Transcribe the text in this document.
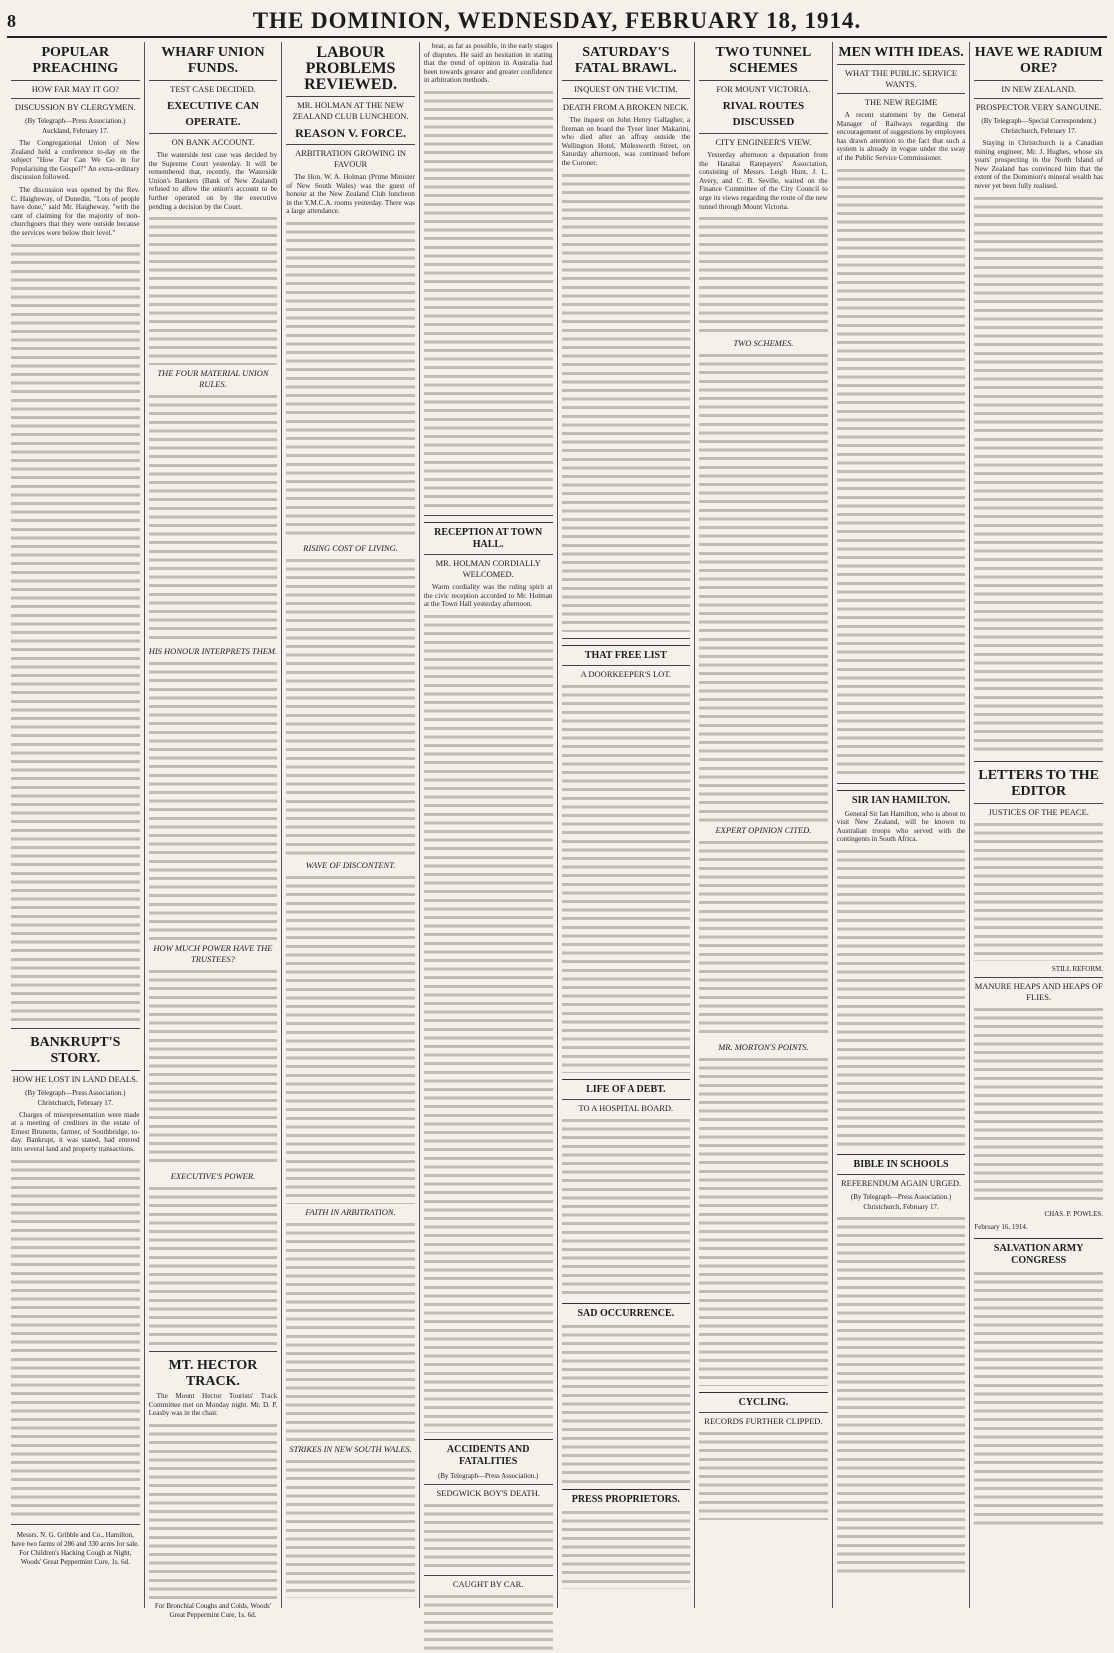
8	THE DOMINION, WEDNESDAY, FEBRUARY 18, 1914.
POPULAR PREACHING
HOW FAR MAY IT GO?
DISCUSSION BY CLERGYMEN.
(By Telegraph—Press Association.) Auckland, February 17.

The Congregational Union of New Zealand held a conference to-day on the subject "How Far Can We Go in for Popularising the Gospel?" An extra-ordinary discussion followed.

The discussion was opened by the Rev. C. Haigheway, of Dunedin. "Lots of people have done," said Mr. Haigheway, "with the cant of claiming for the majority of non-churchgoers that they were outside because the services were below their level."

BANKRUPT'S STORY.
HOW HE LOST IN LAND DEALS.
(By Telegraph—Press Association.) Christchurch, February 17.

Charges of misrepresentation were made at a meeting of creditors in the estate of Ernest Brunette, farmer, of Southbridge, to-day. Bankrupt, it was stated, had entered into several land and property transactions.

Messrs. N. G. Gribble and Co., Hamilton, have two farms of 286 and 330 acres for sale.
For Children's Hacking Cough at Night, Woods' Great Peppermint Cure, 1s. 6d.
WHARF UNION FUNDS.
TEST CASE DECIDED.
EXECUTIVE CAN OPERATE.
ON BANK ACCOUNT.

The waterside test case was decided by the Supreme Court yesterday. It will be remembered that, recently, the Waterside Union's Bankers (Bank of New Zealand) refused to allow the union's account to be further operated on by the executive pending a decision by the Court.

THE FOUR MATERIAL UNION RULES.
HIS HONOUR INTERPRETS THEM.
HOW MUCH POWER HAVE THE TRUSTEES?
EXECUTIVE'S POWER.
MT. HECTOR TRACK.

The Mount Hector Tourists' Track Committee met on Monday night. Mr. D. P. Leasby was in the chair.

For Bronchial Coughs and Colds, Woods' Great Peppermint Cure, 1s. 6d.
LABOUR PROBLEMS REVIEWED.
MR. HOLMAN AT THE NEW ZEALAND CLUB LUNCHEON.
REASON V. FORCE.
ARBITRATION GROWING IN FAVOUR

The Hon. W. A. Holman (Prime Minister of New South Wales) was the guest of honour at the New Zealand Club luncheon in the Y.M.C.A. rooms yesterday. There was a large attendance.

RISING COST OF LIVING.
WAVE OF DISCONTENT.
FAITH IN ARBITRATION.
STRIKES IN NEW SOUTH WALES.

bear, as far as possible, in the early stages of disputes. He said an hesitation in stating that the trend of opinion in Australia had been towards greater and greater confidence in arbitration methods.

RECEPTION AT TOWN HALL.
MR. HOLMAN CORDIALLY WELCOMED.

Warm cordiality was the ruling spirit at the civic reception accorded to Mr. Holman at the Town Hall yesterday afternoon.

ACCIDENTS AND FATALITIES
(By Telegraph—Press Association.)
SEDGWICK BOY'S DEATH.
CAUGHT BY CAR.
SATURDAY'S FATAL BRAWL.
INQUEST ON THE VICTIM.
DEATH FROM A BROKEN NECK.

The inquest on John Henry Gallagher, a fireman on board the Tyser liner Makarini, who died after an affray outside the Wellington Hotel, Molesworth Street, on Saturday afternoon, was continued before the Coroner.

THAT FREE LIST
A DOORKEEPER'S LOT.
LIFE OF A DEBT.
TO A HOSPITAL BOARD.
SAD OCCURRENCE.
PRESS PROPRIETORS.
TWO TUNNEL SCHEMES
FOR MOUNT VICTORIA.
RIVAL ROUTES DISCUSSED
CITY ENGINEER'S VIEW.

Yesterday afternoon a deputation from the Hataitai Ratepayers' Association, consisting of Messrs. Leigh Hunt, J. L. Avery, and C. B. Seville, waited on the Finance Committee of the City Council to urge its views regarding the route of the new tunnel through Mount Victoria.

TWO SCHEMES.
EXPERT OPINION CITED.
MR. MORTON'S POINTS.
CYCLING.
RECORDS FURTHER CLIPPED.
MEN WITH IDEAS.
WHAT THE PUBLIC SERVICE WANTS.
THE NEW REGIME

A recent statement by the General Manager of Railways regarding the encouragement of suggestions by employees has drawn attention to the fact that such a system is already in vogue under the sway of the Public Service Commissioner.

SIR IAN HAMILTON.

General Sir Ian Hamilton, who is about to visit New Zealand, will be known to Australian troops who served with the contingents in South Africa.

BIBLE IN SCHOOLS
REFERENDUM AGAIN URGED.
(By Telegraph—Press Association.) Christchurch, February 17.
HAVE WE RADIUM ORE?
IN NEW ZEALAND.
PROSPECTOR VERY SANGUINE.
(By Telegraph—Special Correspondent.) Christchurch, February 17.

Staying in Christchurch is a Canadian mining engineer, Mr. J. Hughes, whose six years' prospecting in the North Island of New Zealand has convinced him that the extent of the Dominion's mineral wealth has never yet been fully realised.

LETTERS TO THE EDITOR
JUSTICES OF THE PEACE.
STILL REFORM.
MANURE HEAPS AND HEAPS OF FLIES.
CHAS. P. POWLES.
February 16, 1914.
SALVATION ARMY CONGRESS
